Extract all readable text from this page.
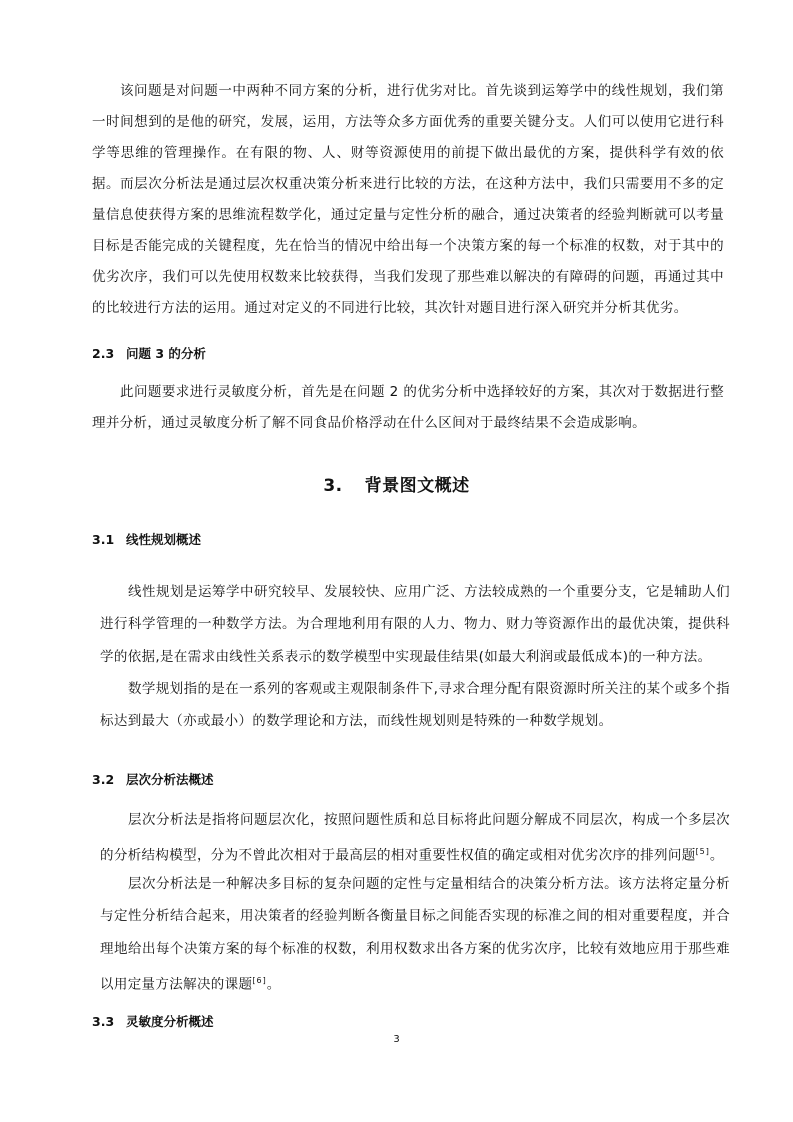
该问题是对问题一中两种不同方案的分析，进行优劣对比。首先谈到运筹学中的线性规划，我们第一时间想到的是他的研究，发展，运用，方法等众多方面优秀的重要关键分支。人们可以使用它进行科学等思维的管理操作。在有限的物、人、财等资源使用的前提下做出最优的方案，提供科学有效的依据。而层次分析法是通过层次权重决策分析来进行比较的方法，在这种方法中，我们只需要用不多的定量信息使获得方案的思维流程数学化，通过定量与定性分析的融合，通过决策者的经验判断就可以考量目标是否能完成的关键程度，先在恰当的情况中给出每一个决策方案的每一个标准的权数，对于其中的优劣次序，我们可以先使用权数来比较获得，当我们发现了那些难以解决的有障碍的问题，再通过其中的比较进行方法的运用。通过对定义的不同进行比较，其次针对题目进行深入研究并分析其优劣。

2.3 问题 3 的分析

此问题要求进行灵敏度分析，首先是在问题 2 的优劣分析中选择较好的方案，其次对于数据进行整理并分析，通过灵敏度分析了解不同食品价格浮动在什么区间对于最终结果不会造成影响。

3. 背景图文概述
3.1 线性规划概述

线性规划是运筹学中研究较早、发展较快、应用广泛、方法较成熟的一个重要分支，它是辅助人们进行科学管理的一种数学方法。为合理地利用有限的人力、物力、财力等资源作出的最优决策，提供科学的依据,是在需求由线性关系表示的数学模型中实现最佳结果(如最大利润或最低成本)的一种方法。

数学规划指的是在一系列的客观或主观限制条件下,寻求合理分配有限资源时所关注的某个或多个指标达到最大（亦或最小）的数学理论和方法，而线性规划则是特殊的一种数学规划。

3.2 层次分析法概述

层次分析法是指将问题层次化，按照问题性质和总目标将此问题分解成不同层次，构成一个多层次的分析结构模型，分为不曾此次相对于最高层的相对重要性权值的确定或相对优劣次序的排列问题[5]。

层次分析法是一种解决多目标的复杂问题的定性与定量相结合的决策分析方法。该方法将定量分析与定性分析结合起来，用决策者的经验判断各衡量目标之间能否实现的标准之间的相对重要程度，并合理地给出每个决策方案的每个标准的权数，利用权数求出各方案的优劣次序，比较有效地应用于那些难以用定量方法解决的课题[6]。

3.3 灵敏度分析概述
3
